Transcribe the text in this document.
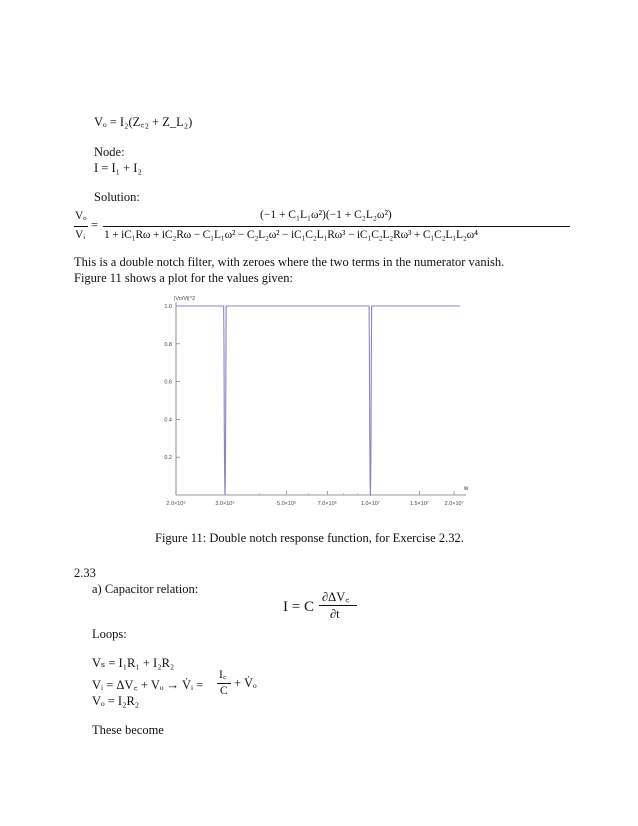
Vₒ = I₂(Z꜀₂ + Z_L₂)
Node:
I = I₁ + I₂
Solution:
Vₒ
Vᵢ
=
(−1 + C₁L₁ω²)(−1 + C₂L₂ω²)
1 + iC₁Rω + iC₂Rω − C₁L₁ω² − C₂L₂ω² − iC₁C₂L₁Rω³ − iC₁C₂L₂Rω³ + C₁C₂L₁L₂ω⁴
This is a double notch filter, with zeroes where the two terms in the numerator vanish.
Figure 11 shows a plot for the values given:
0.2
0.4
0.6
0.8
1.0
2.0×10⁶	3.0×10⁶	5.0×10⁶	7.0×10⁶	1.0×10⁷	1.5×10⁷	2.0×10⁷
|Vo/Vi|^2
w
Figure 11: Double notch response function, for Exercise 2.32.
2.33
a) Capacitor relation:
I = C
∂ΔV꜀
∂t
Loops:
Vₛ = I₁R₁ + I₂R₂
Vᵢ = ΔV꜀ + Vₒ → V̇ᵢ =
I꜀
C
+ V̇ₒ
Vₒ = I₂R₂
These become
